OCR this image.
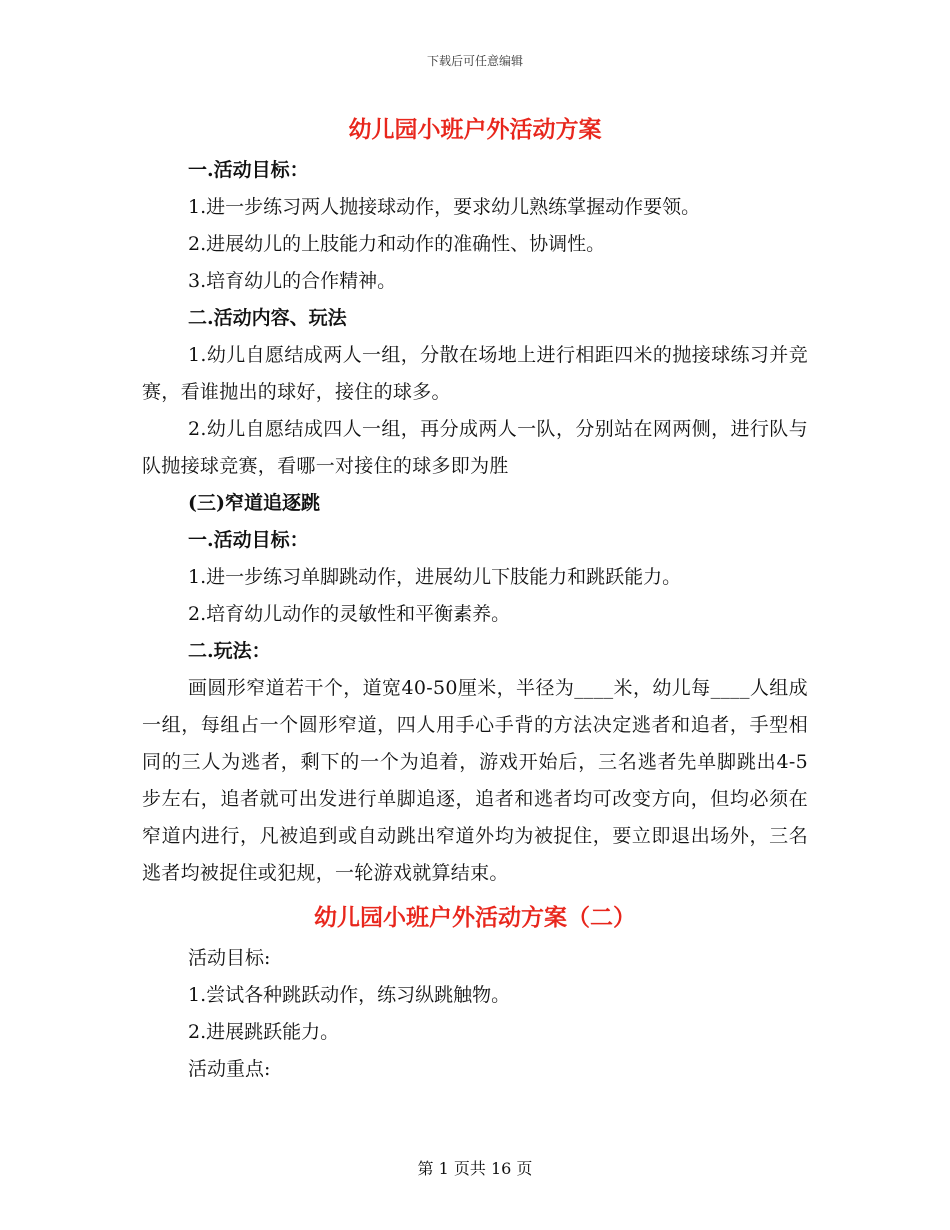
下载后可任意编辑
幼儿园小班户外活动方案

一.活动目标：

1.进一步练习两人抛接球动作，要求幼儿熟练掌握动作要领。

2.进展幼儿的上肢能力和动作的准确性、协调性。

3.培育幼儿的合作精神。

二.活动内容、玩法

1.幼儿自愿结成两人一组，分散在场地上进行相距四米的抛接球练习并竞赛，看谁抛出的球好，接住的球多。

2.幼儿自愿结成四人一组，再分成两人一队，分别站在网两侧，进行队与队抛接球竞赛，看哪一对接住的球多即为胜

(三)窄道追逐跳

一.活动目标：

1.进一步练习单脚跳动作，进展幼儿下肢能力和跳跃能力。

2.培育幼儿动作的灵敏性和平衡素养。

二.玩法：

画圆形窄道若干个，道宽40-50厘米，半径为____米，幼儿每____人组成一组，每组占一个圆形窄道，四人用手心手背的方法决定逃者和追者，手型相同的三人为逃者，剩下的一个为追着，游戏开始后，三名逃者先单脚跳出4-5步左右，追者就可出发进行单脚追逐，追者和逃者均可改变方向，但均必须在窄道内进行，凡被追到或自动跳出窄道外均为被捉住，要立即退出场外，三名逃者均被捉住或犯规，一轮游戏就算结束。

幼儿园小班户外活动方案（二）

活动目标:

1.尝试各种跳跃动作，练习纵跳触物。

2.进展跳跃能力。

活动重点:

第 1 页共 16 页
